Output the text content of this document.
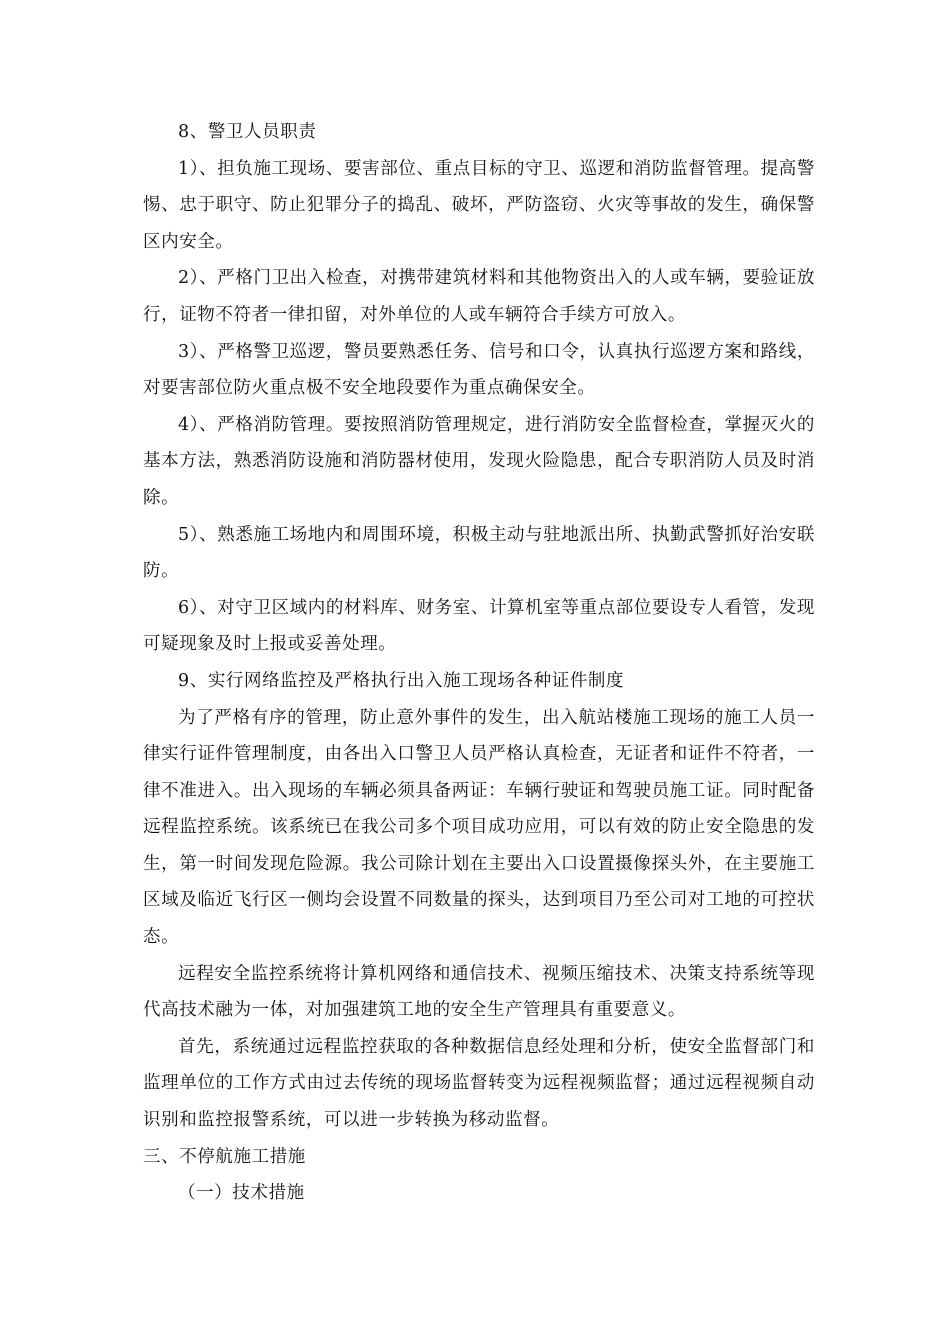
8、警卫人员职责

1）、担负施工现场、要害部位、重点目标的守卫、巡逻和消防监督管理。提高警惕、忠于职守、防止犯罪分子的捣乱、破坏，严防盗窃、火灾等事故的发生，确保警区内安全。

2）、严格门卫出入检查，对携带建筑材料和其他物资出入的人或车辆，要验证放行，证物不符者一律扣留，对外单位的人或车辆符合手续方可放入。

3）、严格警卫巡逻，警员要熟悉任务、信号和口令，认真执行巡逻方案和路线，对要害部位防火重点极不安全地段要作为重点确保安全。

4）、严格消防管理。要按照消防管理规定，进行消防安全监督检查，掌握灭火的基本方法，熟悉消防设施和消防器材使用，发现火险隐患，配合专职消防人员及时消除。

5）、熟悉施工场地内和周围环境，积极主动与驻地派出所、执勤武警抓好治安联防。

6）、对守卫区域内的材料库、财务室、计算机室等重点部位要设专人看管，发现可疑现象及时上报或妥善处理。

9、实行网络监控及严格执行出入施工现场各种证件制度

为了严格有序的管理，防止意外事件的发生，出入航站楼施工现场的施工人员一律实行证件管理制度，由各出入口警卫人员严格认真检查，无证者和证件不符者，一律不准进入。出入现场的车辆必须具备两证：车辆行驶证和驾驶员施工证。同时配备远程监控系统。该系统已在我公司多个项目成功应用，可以有效的防止安全隐患的发生，第一时间发现危险源。我公司除计划在主要出入口设置摄像探头外，在主要施工区域及临近飞行区一侧均会设置不同数量的探头，达到项目乃至公司对工地的可控状态。

远程安全监控系统将计算机网络和通信技术、视频压缩技术、决策支持系统等现代高技术融为一体，对加强建筑工地的安全生产管理具有重要意义。

首先，系统通过远程监控获取的各种数据信息经处理和分析，使安全监督部门和监理单位的工作方式由过去传统的现场监督转变为远程视频监督；通过远程视频自动识别和监控报警系统，可以进一步转换为移动监督。

三、不停航施工措施

（一）技术措施
